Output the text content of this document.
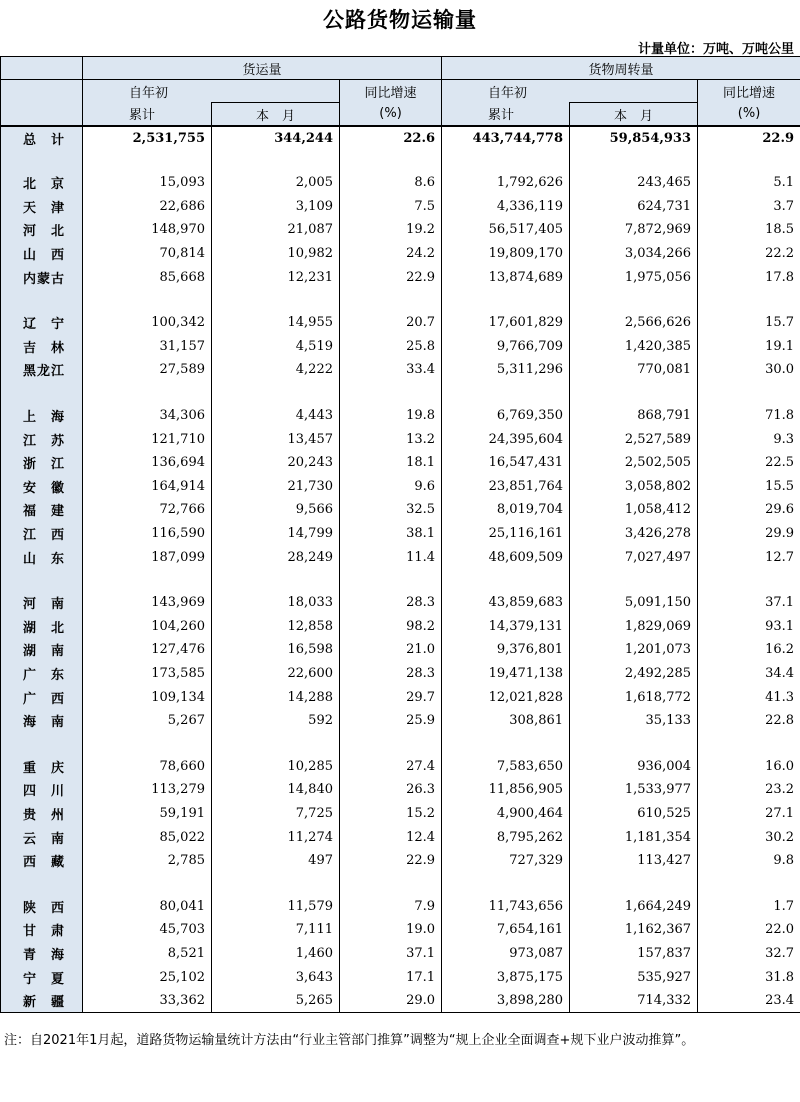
公路货物运输量
计量单位：万吨、万吨公里
	货运量			货物周转量		
	自年初		同比增速	自年初		同比增速
	累计	本　月	(%)	累计	本　月	(%)
总　计	2,531,755	344,244	22.6	443,744,778	59,854,933	22.9

北京	15,093	2,005	8.6	1,792,626	243,465	5.1
天津	22,686	3,109	7.5	4,336,119	624,731	3.7
河北	148,970	21,087	19.2	56,517,405	7,872,969	18.5
山西	70,814	10,982	24.2	19,809,170	3,034,266	22.2
内蒙古	85,668	12,231	22.9	13,874,689	1,975,056	17.8

辽宁	100,342	14,955	20.7	17,601,829	2,566,626	15.7
吉林	31,157	4,519	25.8	9,766,709	1,420,385	19.1
黑龙江	27,589	4,222	33.4	5,311,296	770,081	30.0

上海	34,306	4,443	19.8	6,769,350	868,791	71.8
江苏	121,710	13,457	13.2	24,395,604	2,527,589	9.3
浙江	136,694	20,243	18.1	16,547,431	2,502,505	22.5
安徽	164,914	21,730	9.6	23,851,764	3,058,802	15.5
福建	72,766	9,566	32.5	8,019,704	1,058,412	29.6
江西	116,590	14,799	38.1	25,116,161	3,426,278	29.9
山东	187,099	28,249	11.4	48,609,509	7,027,497	12.7

河南	143,969	18,033	28.3	43,859,683	5,091,150	37.1
湖北	104,260	12,858	98.2	14,379,131	1,829,069	93.1
湖南	127,476	16,598	21.0	9,376,801	1,201,073	16.2
广东	173,585	22,600	28.3	19,471,138	2,492,285	34.4
广西	109,134	14,288	29.7	12,021,828	1,618,772	41.3
海南	5,267	592	25.9	308,861	35,133	22.8

重庆	78,660	10,285	27.4	7,583,650	936,004	16.0
四川	113,279	14,840	26.3	11,856,905	1,533,977	23.2
贵州	59,191	7,725	15.2	4,900,464	610,525	27.1
云南	85,022	11,274	12.4	8,795,262	1,181,354	30.2
西藏	2,785	497	22.9	727,329	113,427	9.8

陕西	80,041	11,579	7.9	11,743,656	1,664,249	1.7
甘肃	45,703	7,111	19.0	7,654,161	1,162,367	22.0
青海	8,521	1,460	37.1	973,087	157,837	32.7
宁夏	25,102	3,643	17.1	3,875,175	535,927	31.8
新疆	33,362	5,265	29.0	3,898,280	714,332	23.4
注：自2021年1月起，道路货物运输量统计方法由“行业主管部门推算”调整为“规上企业全面调查+规下业户波动推算”。
